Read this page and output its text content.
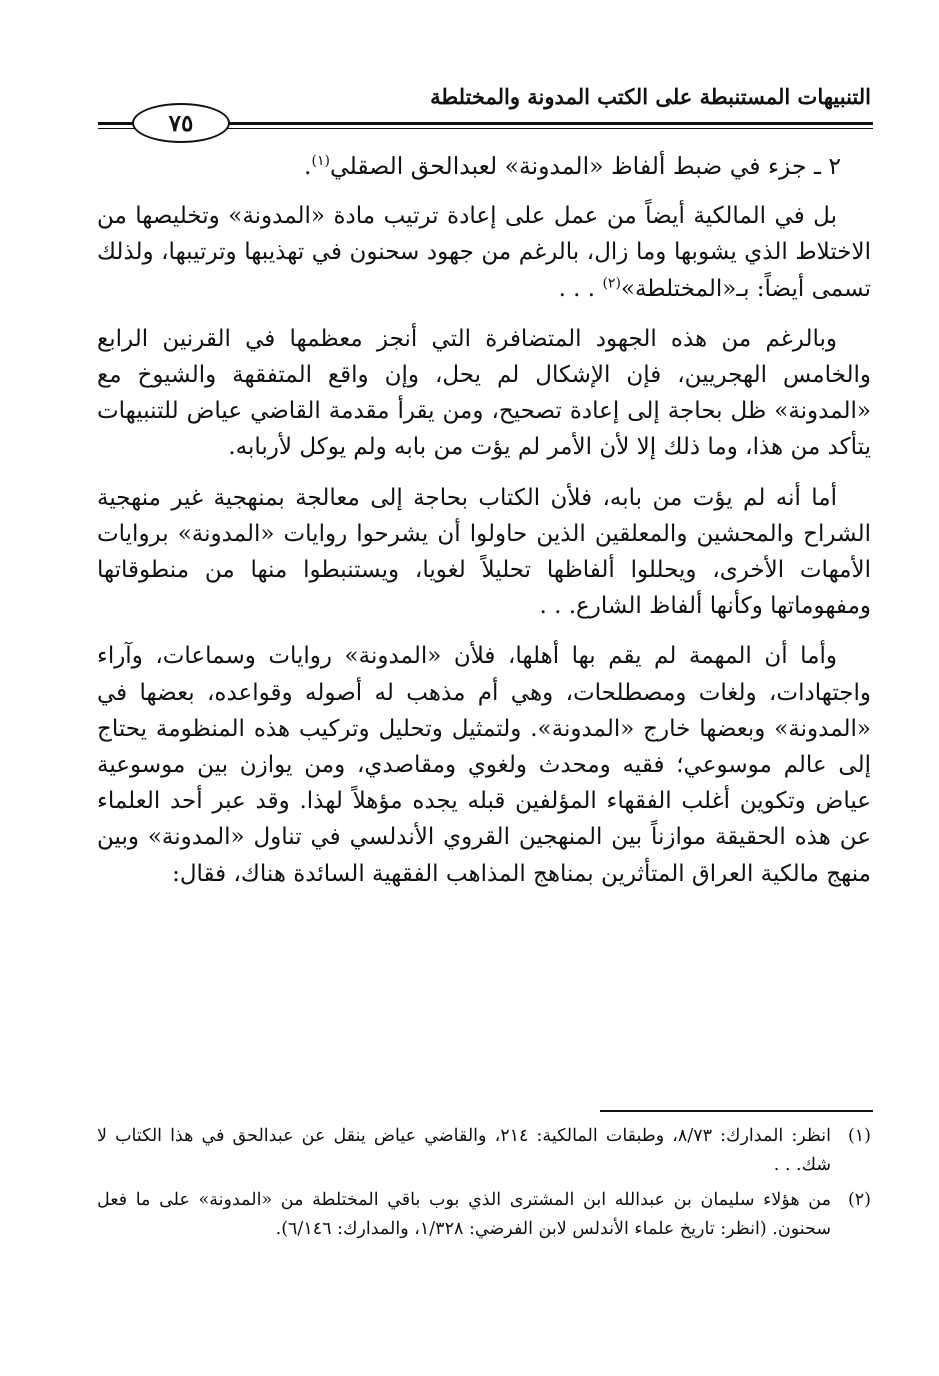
التنبيهات المستنبطة على الكتب المدونة والمختلطة
٧٥

٢ ـ جزء في ضبط ألفاظ «المدونة» لعبدالحق الصقلي$^{(١)}$.

بل في المالكية أيضاً من عمل على إعادة ترتيب مادة «المدونة» وتخليصها من الاختلاط الذي يشوبها وما زال، بالرغم من جهود سحنون في تهذيبها وترتيبها، ولذلك تسمى أيضاً: بـ«المختلطة»$^{(٢)}$ . . .

وبالرغم من هذه الجهود المتضافرة التي أنجز معظمها في القرنين الرابع والخامس الهجريين، فإن الإشكال لم يحل، وإن واقع المتفقهة والشيوخ مع «المدونة» ظل بحاجة إلى إعادة تصحيح، ومن يقرأ مقدمة القاضي عياض للتنبيهات يتأكد من هذا، وما ذلك إلا لأن الأمر لم يؤت من بابه ولم يوكل لأربابه.

أما أنه لم يؤت من بابه، فلأن الكتاب بحاجة إلى معالجة بمنهجية غير منهجية الشراح والمحشين والمعلقين الذين حاولوا أن يشرحوا روايات «المدونة» بروايات الأمهات الأخرى، ويحللوا ألفاظها تحليلاً لغويا، ويستنبطوا منها من منطوقاتها ومفهوماتها وكأنها ألفاظ الشارع. . .

وأما أن المهمة لم يقم بها أهلها، فلأن «المدونة» روايات وسماعات، وآراء واجتهادات، ولغات ومصطلحات، وهي أم مذهب له أصوله وقواعده، بعضها في «المدونة» وبعضها خارج «المدونة». ولتمثيل وتحليل وتركيب هذه المنظومة يحتاج إلى عالم موسوعي؛ فقيه ومحدث ولغوي ومقاصدي، ومن يوازن بين موسوعية عياض وتكوين أغلب الفقهاء المؤلفين قبله يجده مؤهلاً لهذا. وقد عبر أحد العلماء عن هذه الحقيقة موازناً بين المنهجين القروي الأندلسي في تناول «المدونة» وبين منهج مالكية العراق المتأثرين بمناهج المذاهب الفقهية السائدة هناك، فقال:

(١)
انظر: المدارك: ٨/٧٣، وطبقات المالكية: ٢١٤، والقاضي عياض ينقل عن عبدالحق في هذا الكتاب لا شك. . .
(٢)
من هؤلاء سليمان بن عبدالله ابن المشترى الذي بوب باقي المختلطة من «المدونة» على ما فعل سحنون. (انظر: تاريخ علماء الأندلس لابن الفرضي: ١/٣٢٨، والمدارك: ٦/١٤٦).
